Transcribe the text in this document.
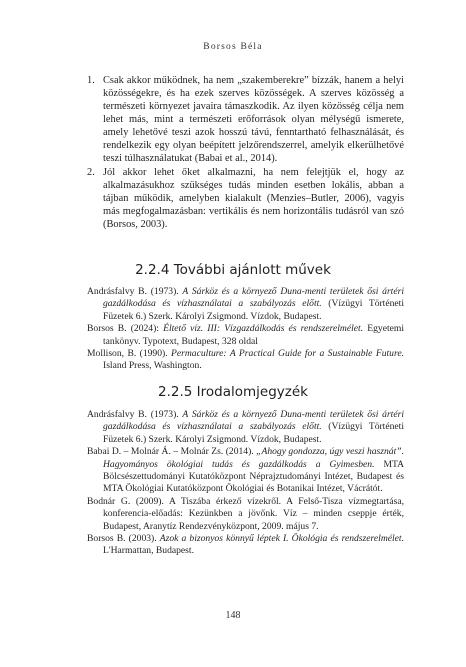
Borsos Béla
1. Csak akkor működnek, ha nem „szakemberekre” bízzák, hanem a helyi közösségekre, és ha ezek szerves közösségek. A szerves közösség a természeti környezet javaira támaszkodik. Az ilyen közösség célja nem lehet más, mint a természeti erőforrások olyan mélységű ismerete, amely lehetővé teszi azok hosszú távú, fenntartható felhasználását, és rendelkezik egy olyan beépített jelzőrendszerrel, amelyik elkerülhetővé teszi túlhasználatukat (Babai et al., 2014).
2. Jól akkor lehet őket alkalmazni, ha nem felejtjük el, hogy az alkalmazásukhoz szükséges tudás minden esetben lokális, abban a tájban működik, amelyben kialakult (Menzies–Butler, 2006), vagyis más megfogalmazásban: vertikális és nem horizontális tudásról van szó (Borsos, 2003).
2.2.4 További ajánlott művek

Andrásfalvy B. (1973). A Sárköz és a környező Duna-menti területek ősi ártéri gazdálkodása és vízhasználatai a szabályozás előtt. (Vízügyi Történeti Füzetek 6.) Szerk. Károlyi Zsigmond. Vízdok, Budapest.

Borsos B. (2024): Éltető víz. III: Vízgazdálkodás és rendszerelmélet. Egyetemi tankönyv. Typotext, Budapest, 328 oldal

Mollison, B. (1990). Permaculture: A Practical Guide for a Sustainable Future. Island Press, Washington.

2.2.5 Irodalomjegyzék

Andrásfalvy B. (1973). A Sárköz és a környező Duna-menti területek ősi ártéri gazdálkodása és vízhasználatai a szabályozás előtt. (Vízügyi Történeti Füzetek 6.) Szerk. Károlyi Zsigmond. Vízdok, Budapest.

Babai D. – Molnár Á. – Molnár Zs. (2014). „Ahogy gondozza, úgy veszi hasznát”. Hagyományos ökológiai tudás és gazdálkodás a Gyimesben. MTA Bölcsészettudományi Kutatóközpont Néprajztudományi Intézet, Budapest és MTA Ökológiai Kutatóközpont Ökológiai és Botanikai Intézet, Vácrátót.

Bodnár G. (2009). A Tiszába érkező vízekről. A Felső-Tisza vízmegtartása, konferencia-előadás: Kezünkben a jövőnk. Víz – minden cseppje érték, Budapest, Aranytíz Rendezvényközpont, 2009. május 7.

Borsos B. (2003). Azok a bizonyos könnyű léptek I. Ökológia és rendszerelmélet. L'Harmattan, Budapest.

148
